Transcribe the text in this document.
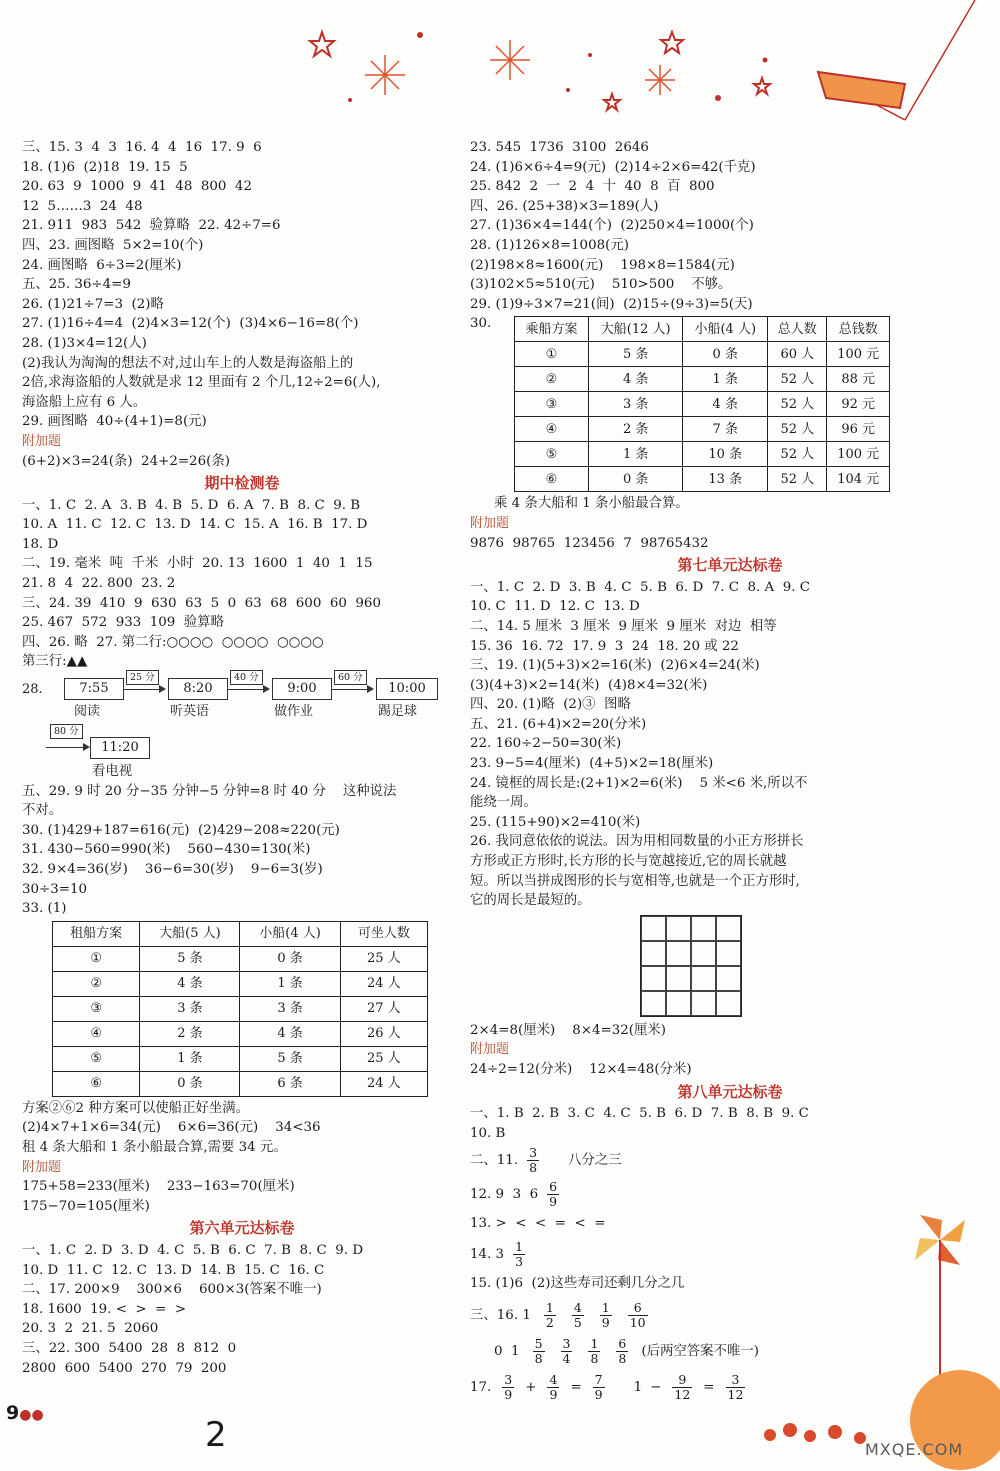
三、15. 3  4  3  16. 4  4  16  17. 9  6
18. (1)6  (2)18  19. 15  5
20. 63  9  1000  9  41  48  800  42
12  5……3  24  48
21. 911  983  542  验算略  22. 42÷7=6
四、23. 画图略  5×2=10(个)
24. 画图略  6÷3=2(厘米)
五、25. 36÷4=9
26. (1)21÷7=3  (2)略
27. (1)16÷4=4  (2)4×3=12(个)  (3)4×6−16=8(个)
28. (1)3×4=12(人)
(2)我认为淘淘的想法不对,过山车上的人数是海盗船上的
2倍,求海盗船的人数就是求 12 里面有 2 个几,12÷2=6(人),
海盗船上应有 6 人。
29. 画图略  40÷(4+1)=8(元)
附加题
(6+2)×3=24(条)  24+2=26(条)
期中检测卷
一、1. C  2. A  3. B  4. B  5. D  6. A  7. B  8. C  9. B
10. A  11. C  12. C  13. D  14. C  15. A  16. B  17. D
18. D
二、19. 毫米  吨  千米  小时  20. 13  1600  1  40  1  15
21. 8  4  22. 800  23. 2
三、24. 39  410  9  630  63  5  0  63  68  600  60  960
25. 467  572  933  109  验算略
四、26. 略  27. 第二行:○○○○  ○○○○  ○○○○
第三行:▲▲
28.	7:55
25 分
8:20
40 分
9:00
60 分
10:00
阅读	听英语	做作业	踢足球
80 分
11:20
看电视
五、29. 9 时 20 分−35 分钟−5 分钟=8 时 40 分    这种说法
不对。
30. (1)429+187=616(元)  (2)429−208≈220(元)
31. 430−560=990(米)    560−430=130(米)
32. 9×4=36(岁)    36−6=30(岁)    9−6=3(岁)
30÷3=10
33. (1)
租船方案	大船(5 人)	小船(4 人)	可坐人数
①	5 条	0 条	25 人
②	4 条	1 条	24 人
③	3 条	3 条	27 人
④	2 条	4 条	26 人
⑤	1 条	5 条	25 人
⑥	0 条	6 条	24 人
方案②⑥2 种方案可以使船正好坐满。
(2)4×7+1×6=34(元)    6×6=36(元)    34<36
租 4 条大船和 1 条小船最合算,需要 34 元。
附加题
175+58=233(厘米)    233−163=70(厘米)
175−70=105(厘米)
第六单元达标卷
一、1. C  2. D  3. D  4. C  5. B  6. C  7. B  8. C  9. D
10. D  11. C  12. C  13. D  14. B  15. C  16. C
二、17. 200×9    300×6    600×3(答案不唯一)
18. 1600  19. <  >  =  >
20. 3  2  21. 5  2060
三、22. 300  5400  28  8  812  0
2800  600  5400  270  79  200
23. 545  1736  3100  2646
24. (1)6×6÷4=9(元)  (2)14÷2×6=42(千克)
25. 842  2  一  2  4  十  40  8  百  800
四、26. (25+38)×3=189(人)
27. (1)36×4=144(个)  (2)250×4=1000(个)
28. (1)126×8=1008(元)
(2)198×8≈1600(元)    198×8=1584(元)
(3)102×5≈510(元)    510>500    不够。
29. (1)9÷3×7=21(间)  (2)15÷(9÷3)=5(天)
30.	乘船方案	大船(12 人)	小船(4 人)	总人数	总钱数
①	5 条	0 条	60 人	100 元
②	4 条	1 条	52 人	88 元
③	3 条	4 条	52 人	92 元
④	2 条	7 条	52 人	96 元
⑤	1 条	10 条	52 人	100 元
⑥	0 条	13 条	52 人	104 元
乘 4 条大船和 1 条小船最合算。
附加题
9876  98765  123456  7  98765432
第七单元达标卷
一、1. C  2. D  3. B  4. C  5. B  6. D  7. C  8. A  9. C
10. C  11. D  12. C  13. D
二、14. 5 厘米  3 厘米  9 厘米  9 厘米  对边  相等
15. 36  16. 72  17. 9  3  24  18. 20 或 22
三、19. (1)(5+3)×2=16(米)  (2)6×4=24(米)
(3)(4+3)×2=14(米)  (4)8×4=32(米)
四、20. (1)略  (2)③  图略
五、21. (6+4)×2=20(分米)
22. 160÷2−50=30(米)
23. 9−5=4(厘米)  (4+5)×2=18(厘米)
24. 镜框的周长是:(2+1)×2=6(米)    5 米<6 米,所以不
能绕一周。
25. (115+90)×2=410(米)
26. 我同意依依的说法。因为用相同数量的小正方形拼长
方形或正方形时,长方形的长与宽越接近,它的周长就越
短。所以当拼成图形的长与宽相等,也就是一个正方形时,
它的周长是最短的。
2×4=8(厘米)    8×4=32(厘米)
附加题
24÷2=12(分米)    12×4=48(分米)
第八单元达标卷
一、1. B  2. B  3. C  4. C  5. B  6. D  7. B  8. B  9. C
10. B
二、11. $\frac{3}{8}$ 八分之三
12. 9  3  $6 \frac{6}{9}$
13. >  <  <  =  <  =
14. $3 \frac{1}{3}$
15. (1)6  (2)这些寿司还剩几分之几
三、16. $1 \frac{1}{2} \frac{4}{5} \frac{1}{9} \frac{6}{10}$
0  $1 \frac{5}{8} \frac{3}{4} \frac{1}{8} \frac{6}{8}$ (后两空答案不唯一)
17. $\frac{3}{9} + \frac{4}{9} = \frac{7}{9} 1 - \frac{9}{12} = \frac{3}{12}$
9●●	2	MXQE.COM
